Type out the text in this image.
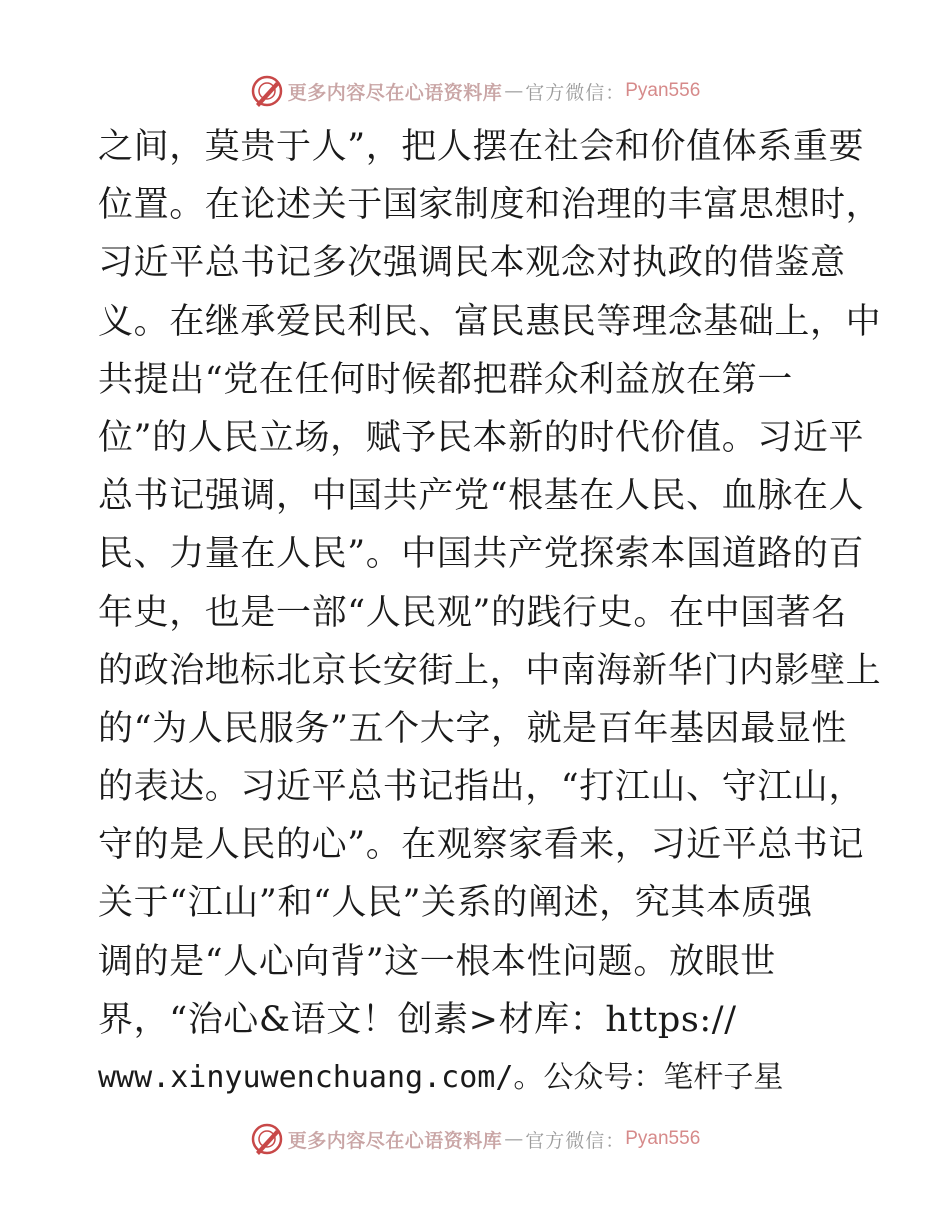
更多内容尽在心语资料库 — 官方微信： Pyan556
之间，莫贵于人”，把人摆在社会和价值体系重要
位置。在论述关于国家制度和治理的丰富思想时，
习近平总书记多次强调民本观念对执政的借鉴意
义。在继承爱民利民、富民惠民等理念基础上，中
共提出“党在任何时候都把群众利益放在第一
位”的人民立场，赋予民本新的时代价值。习近平
总书记强调，中国共产党“根基在人民、血脉在人
民、力量在人民”。中国共产党探索本国道路的百
年史，也是一部“人民观”的践行史。在中国著名
的政治地标北京长安街上，中南海新华门内影壁上
的“为人民服务”五个大字，就是百年基因最显性
的表达。习近平总书记指出，“打江山、守江山，
守的是人民的心”。在观察家看来，习近平总书记
关于“江山”和“人民”关系的阐述，究其本质强
调的是“人心向背”这一根本性问题。放眼世
界，“治心&语文！创素>材库：https://
www.xinyuwenchuang.com/。公众号：笔杆子星
更多内容尽在心语资料库 — 官方微信： Pyan556
